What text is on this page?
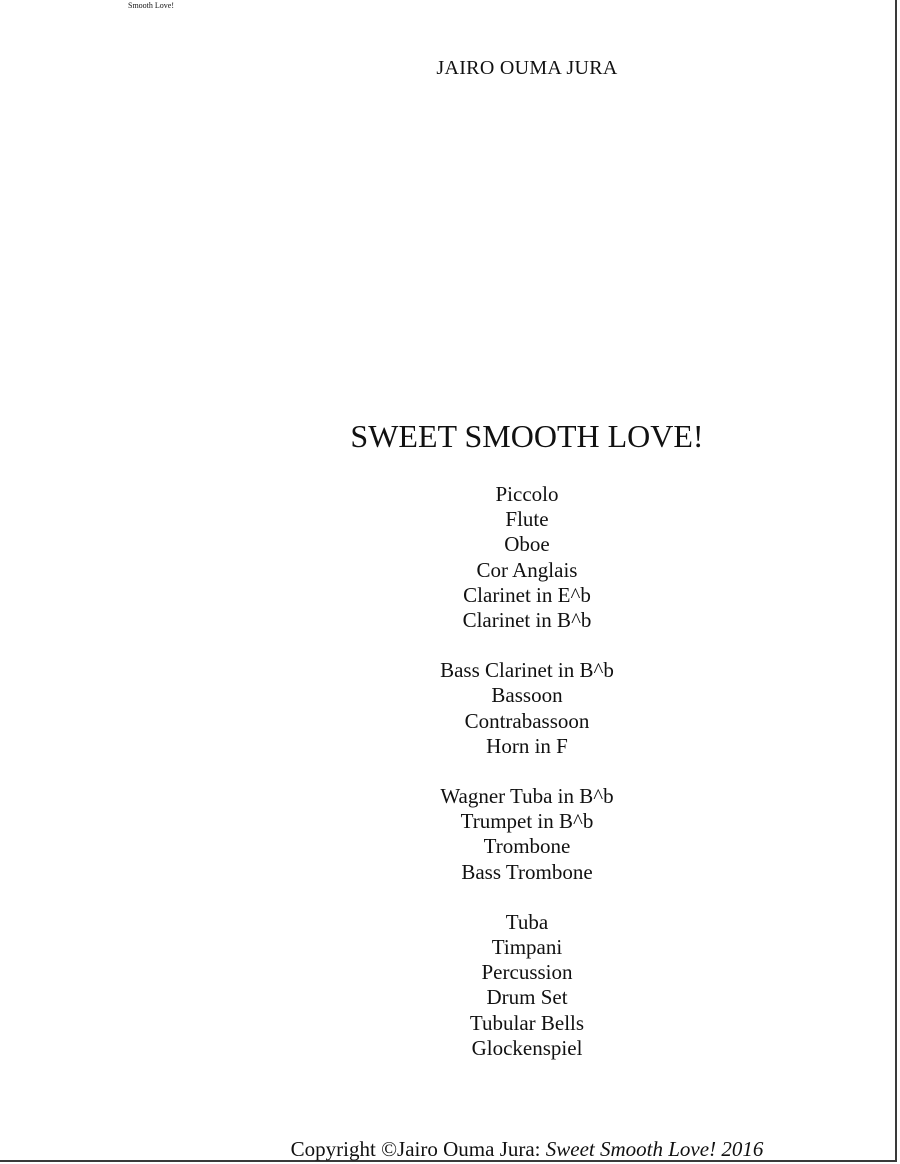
Smooth Love!
JAIRO OUMA JURA
SWEET SMOOTH LOVE!
Piccolo
Flute
Oboe
Cor Anglais
Clarinet in E^b
Clarinet in B^b
Bass Clarinet in B^b
Bassoon
Contrabassoon
Horn in F
Wagner Tuba in B^b
Trumpet in B^b
Trombone
Bass Trombone
Tuba
Timpani
Percussion
Drum Set
Tubular Bells
Glockenspiel
Copyright ©Jairo Ouma Jura: Sweet Smooth Love! 2016
